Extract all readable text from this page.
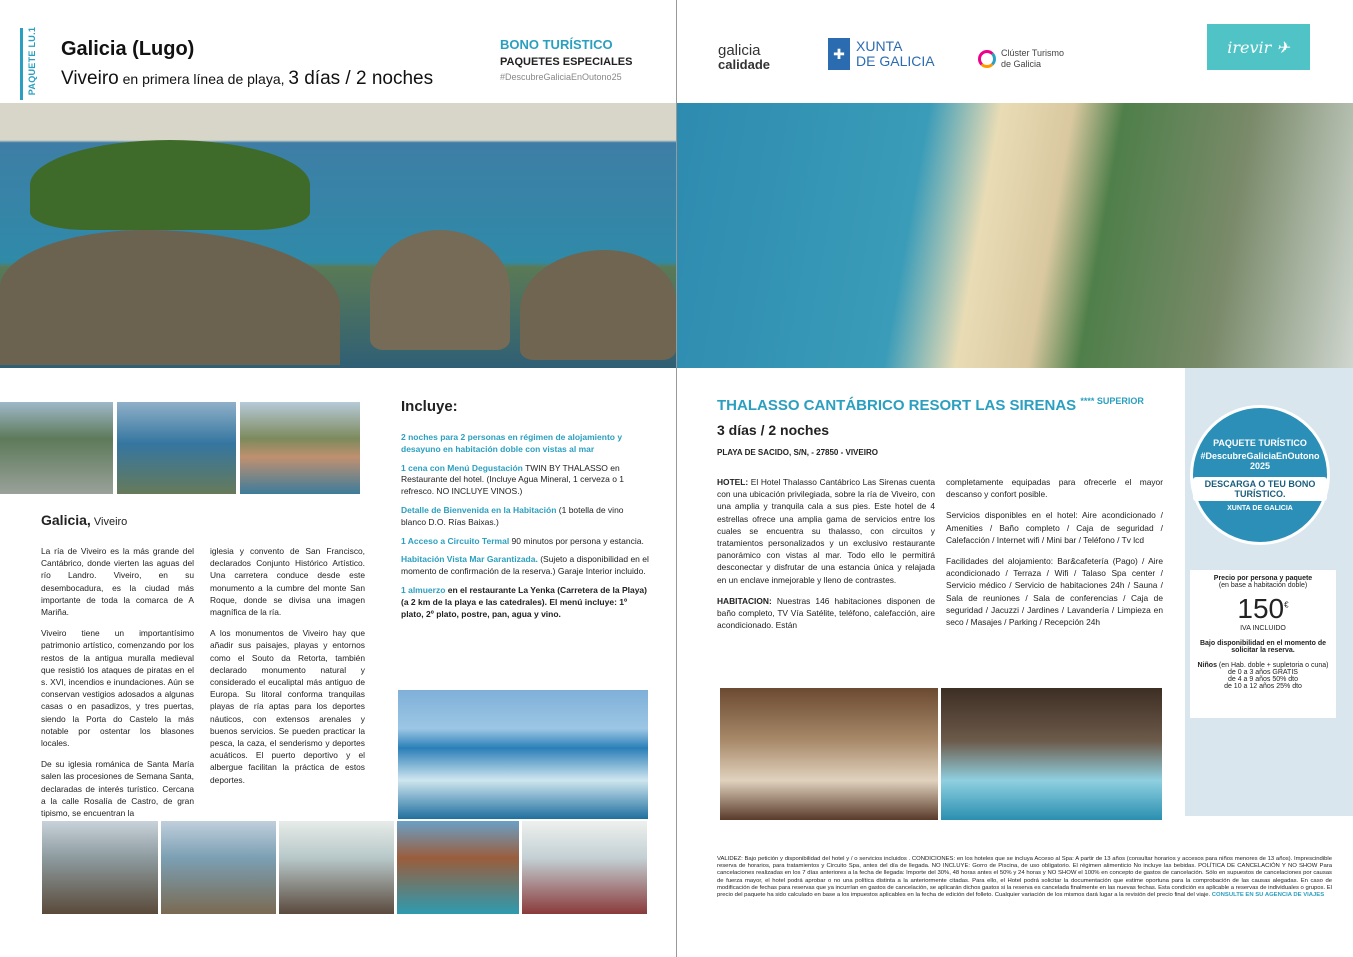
PAQUETE LU.1 Galicia (Lugo)
Viveiro en primera línea de playa, 3 días / 2 noches
BONO TURÍSTICO
PAQUETES ESPECIALES
#DescubreGaliciaEnOutono25
galicia
calidade
✚ XUNTA
DE GALICIA	Clúster Turismo
de Galicia
irevir ✈
Galicia, Viveiro

La ría de Viveiro es la más grande del Cantábrico, donde vierten las aguas del río Landro. Viveiro, en su desembocadura, es la ciudad más importante de toda la comarca de A Mariña.

Viveiro tiene un importantísimo patrimonio artístico, comenzando por los restos de la antigua muralla medieval que resistió los ataques de piratas en el s. XVI, incendios e inundaciones. Aún se conservan vestigios adosados a algunas casas o en pasadizos, y tres puertas, siendo la Porta do Castelo la más notable por ostentar los blasones locales.

De su iglesia románica de Santa María salen las procesiones de Semana Santa, declaradas de interés turístico. Cercana a la calle Rosalía de Castro, de gran tipismo, se encuentran la

iglesia y convento de San Francisco, declarados Conjunto Histórico Artístico. Una carretera conduce desde este monumento a la cumbre del monte San Roque, donde se divisa una imagen magnífica de la ría.

A los monumentos de Viveiro hay que añadir sus paisajes, playas y entornos como el Souto da Retorta, también declarado monumento natural y considerado el eucaliptal más antiguo de Europa. Su litoral conforma tranquilas playas de ría aptas para los deportes náuticos, con extensos arenales y buenos servicios. Se pueden practicar la pesca, la caza, el senderismo y deportes acuáticos. El puerto deportivo y el albergue facilitan la práctica de estos deportes.

Incluye:

2 noches para 2 personas en régimen de alojamiento y desayuno en habitación doble con vistas al mar

1 cena con Menú Degustación TWIN BY THALASSO en Restaurante del hotel. (Incluye Agua Mineral, 1 cerveza o 1 refresco. NO INCLUYE VINOS.)

Detalle de Bienvenida en la Habitación (1 botella de vino blanco D.O. Rías Baixas.)

1 Acceso a Circuito Termal 90 minutos por persona y estancia.

Habitación Vista Mar Garantizada. (Sujeto a disponibilidad en el momento de confirmación de la reserva.) Garaje Interior incluido.

1 almuerzo en el restaurante La Yenka (Carretera de la Playa) (a 2 km de la playa e las catedrales). El menú incluye: 1º plato, 2º plato, postre, pan, agua y vino.

THALASSO CANTÁBRICO RESORT LAS SIRENAS $^{**** SUPERIOR}$
3 días / 2 noches
PLAYA DE SACIDO, S/N, - 27850 - VIVEIRO

HOTEL: El Hotel Thalasso Cantábrico Las Sirenas cuenta con una ubicación privilegiada, sobre la ría de Viveiro, con una amplia y tranquila cala a sus pies. Este hotel de 4 estrellas ofrece una amplia gama de servicios entre los cuales se encuentra su thalasso, con circuitos y tratamientos personalizados y un exclusivo restaurante panorámico con vistas al mar. Todo ello le permitirá desconectar y disfrutar de una estancia única y relajada en un enclave inmejorable y lleno de contrastes.

HABITACION: Nuestras 146 habitaciones disponen de baño completo, TV Vía Satélite, teléfono, calefacción, aire acondicionado. Están

completamente equipadas para ofrecerle el mayor descanso y confort posible.

Servicios disponibles en el hotel: Aire acondicionado / Amenities / Baño completo / Caja de seguridad / Calefacción / Internet wifi / Mini bar / Teléfono / Tv lcd

Facilidades del alojamiento: Bar&cafetería (Pago) / Aire acondicionado / Terraza / Wifi / Talaso Spa center / Servicio médico / Servicio de habitaciones 24h / Sauna / Sala de reuniones / Sala de conferencias / Caja de seguridad / Jacuzzi / Jardines / Lavandería / Limpieza en seco / Masajes / Parking / Recepción 24h

PAQUETE TURÍSTICO
#DescubreGaliciaEnOutono 2025
DESCARGA O TEU BONO TURÍSTICO.
XUNTA DE GALICIA
Precio por persona y paquete
(en base a habitación doble)
150€
IVA INCLUIDO
Bajo disponibilidad en el momento de solicitar la reserva.
Niños (en Hab. doble + supletoria o cuna)
de 0 a 3 años GRATIS
de 4 a 9 años 50% dto
de 10 a 12 años 25% dto
VALIDEZ: Bajo petición y disponibilidad del hotel y / o servicios incluidos . CONDICIONES: en los hoteles que se incluya Acceso al Spa: A partir de 13 años (consultar horarios y accesos para niños menores de 13 años). Imprescindible reserva de horarios, para tratamientos y Circuito Spa, antes del día de llegada. NO INCLUYE: Gorro de Piscina, de uso obligatorio. El régimen alimenticio No incluye las bebidas. POLÍTICA DE CANCELACIÓN Y NO SHOW Para cancelaciones realizadas en los 7 días anteriores a la fecha de llegada: Importe del 30%, 48 horas antes el 50% y 24 horas y NO SHOW el 100% en concepto de gastos de cancelación. Sólo en supuestos de cancelaciones por causas de fuerza mayor, el hotel podrá aprobar o no una política distinta a la anteriormente citadas. Para ello, el Hotel podrá solicitar la documentación que estime oportuna para la comprobación de las causas alegadas. En caso de modificación de fechas para reservas que ya incurrían en gastos de cancelación, se aplicarán dichos gastos si la reserva es cancelada finalmente en las nuevas fechas. Esta condición es aplicable a reservas de individuales o grupos. El precio del paquete ha sido calculado en base a los impuestos aplicables en la fecha de edición del folleto. Cualquier variación de los mismos dará lugar a la revisión del precio final del viaje. CONSULTE EN SU AGENCIA DE VIAJES
